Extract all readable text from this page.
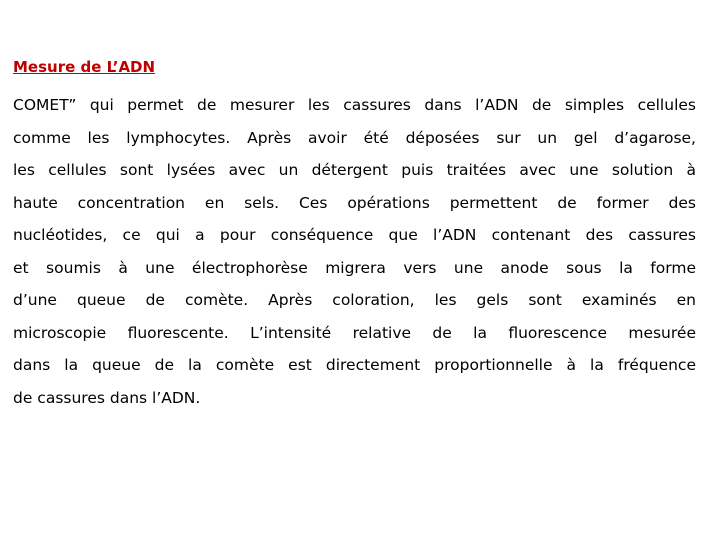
Mesure de L’ADN
COMET” qui permet de mesurer les cassures dans l’ADN de simples cellules
comme les lymphocytes. Après avoir été déposées sur un gel d’agarose,
les cellules sont lysées avec un détergent puis traitées avec une solution à
haute concentration en sels. Ces opérations permettent de former des
nucléotides, ce qui a pour conséquence que l’ADN contenant des cassures
et soumis à une électrophorèse migrera vers une anode sous la forme
d’une queue de comète. Après coloration, les gels sont examinés en
microscopie fluorescente. L’intensité relative de la fluorescence mesurée
dans la queue de la comète est directement proportionnelle à la fréquence
de cassures dans l’ADN.
